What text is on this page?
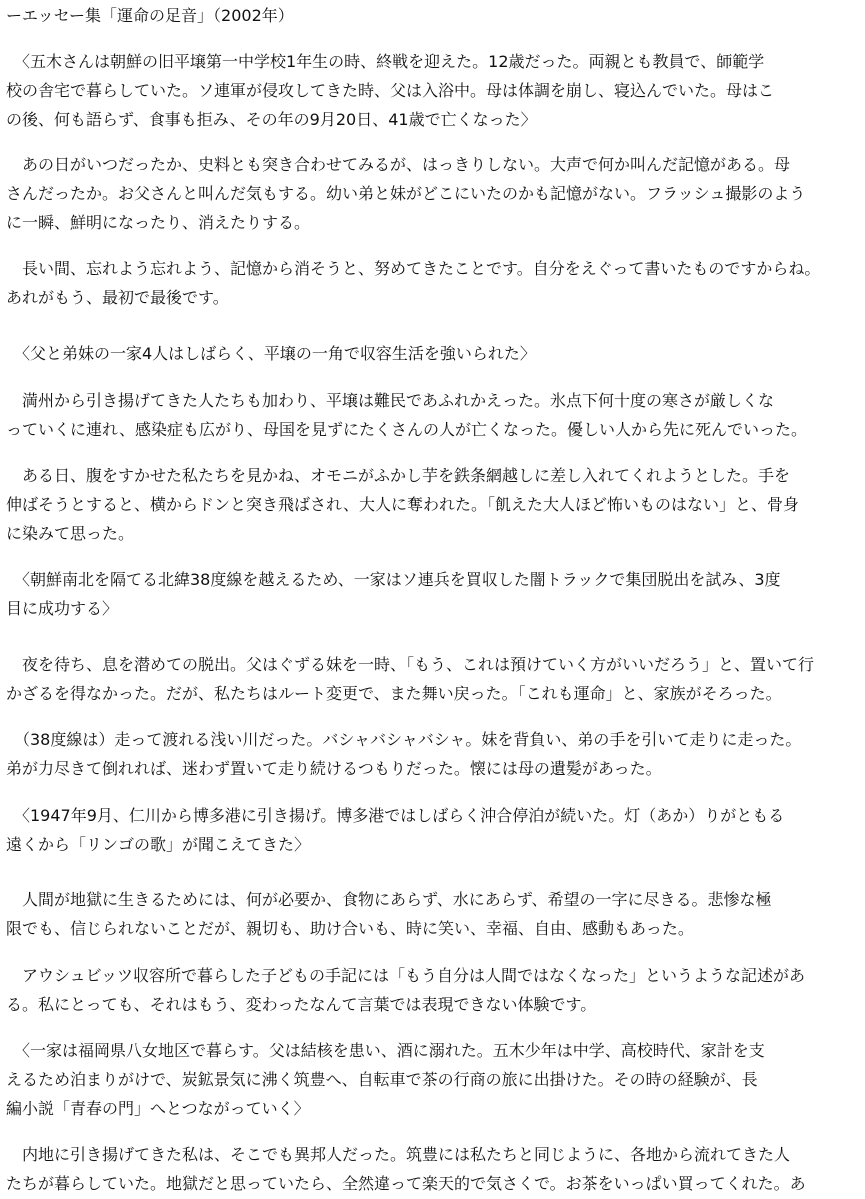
ーエッセー集「運命の足音」（2002年）

　〈五木さんは朝鮮の旧平壌第一中学校1年生の時、終戦を迎えた。12歳だった。両親とも教員で、師範学
校の舎宅で暮らしていた。ソ連軍が侵攻してきた時、父は入浴中。母は体調を崩し、寝込んでいた。母はこ
の後、何も語らず、食事も拒み、その年の9月20日、41歳で亡くなった〉

　あの日がいつだったか、史料とも突き合わせてみるが、はっきりしない。大声で何か叫んだ記憶がある。母
さんだったか。お父さんと叫んだ気もする。幼い弟と妹がどこにいたのかも記憶がない。フラッシュ撮影のよう
に一瞬、鮮明になったり、消えたりする。

　長い間、忘れよう忘れよう、記憶から消そうと、努めてきたことです。自分をえぐって書いたものですからね。
あれがもう、最初で最後です。

　〈父と弟妹の一家4人はしばらく、平壌の一角で収容生活を強いられた〉

　満州から引き揚げてきた人たちも加わり、平壌は難民であふれかえった。氷点下何十度の寒さが厳しくな
っていくに連れ、感染症も広がり、母国を見ずにたくさんの人が亡くなった。優しい人から先に死んでいった。

　ある日、腹をすかせた私たちを見かね、オモニがふかし芋を鉄条網越しに差し入れてくれようとした。手を
伸ばそうとすると、横からドンと突き飛ばされ、大人に奪われた。「飢えた大人ほど怖いものはない」と、骨身
に染みて思った。

　〈朝鮮南北を隔てる北緯38度線を越えるため、一家はソ連兵を買収した闇トラックで集団脱出を試み、3度
目に成功する〉

　夜を待ち、息を潜めての脱出。父はぐずる妹を一時、「もう、これは預けていく方がいいだろう」と、置いて行
かざるを得なかった。だが、私たちはルート変更で、また舞い戻った。「これも運命」と、家族がそろった。

　（38度線は）走って渡れる浅い川だった。バシャバシャバシャ。妹を背負い、弟の手を引いて走りに走った。
弟が力尽きて倒れれば、迷わず置いて走り続けるつもりだった。懐には母の遺髪があった。

　〈1947年9月、仁川から博多港に引き揚げ。博多港ではしばらく沖合停泊が続いた。灯（あか）りがともる
遠くから「リンゴの歌」が聞こえてきた〉

　人間が地獄に生きるためには、何が必要か、食物にあらず、水にあらず、希望の一字に尽きる。悲惨な極
限でも、信じられないことだが、親切も、助け合いも、時に笑い、幸福、自由、感動もあった。

　アウシュビッツ収容所で暮らした子どもの手記には「もう自分は人間ではなくなった」というような記述があ
る。私にとっても、それはもう、変わったなんて言葉では表現できない体験です。

　〈一家は福岡県八女地区で暮らす。父は結核を患い、酒に溺れた。五木少年は中学、高校時代、家計を支
えるため泊まりがけで、炭鉱景気に沸く筑豊へ、自転車で茶の行商の旅に出掛けた。その時の経験が、長
編小説「青春の門」へとつながっていく〉

　内地に引き揚げてきた私は、そこでも異邦人だった。筑豊には私たちと同じように、各地から流れてきた人
たちが暮らしていた。地獄だと思っていたら、全然違って楽天的で気さくで。お茶をいっぱい買ってくれた。あ
